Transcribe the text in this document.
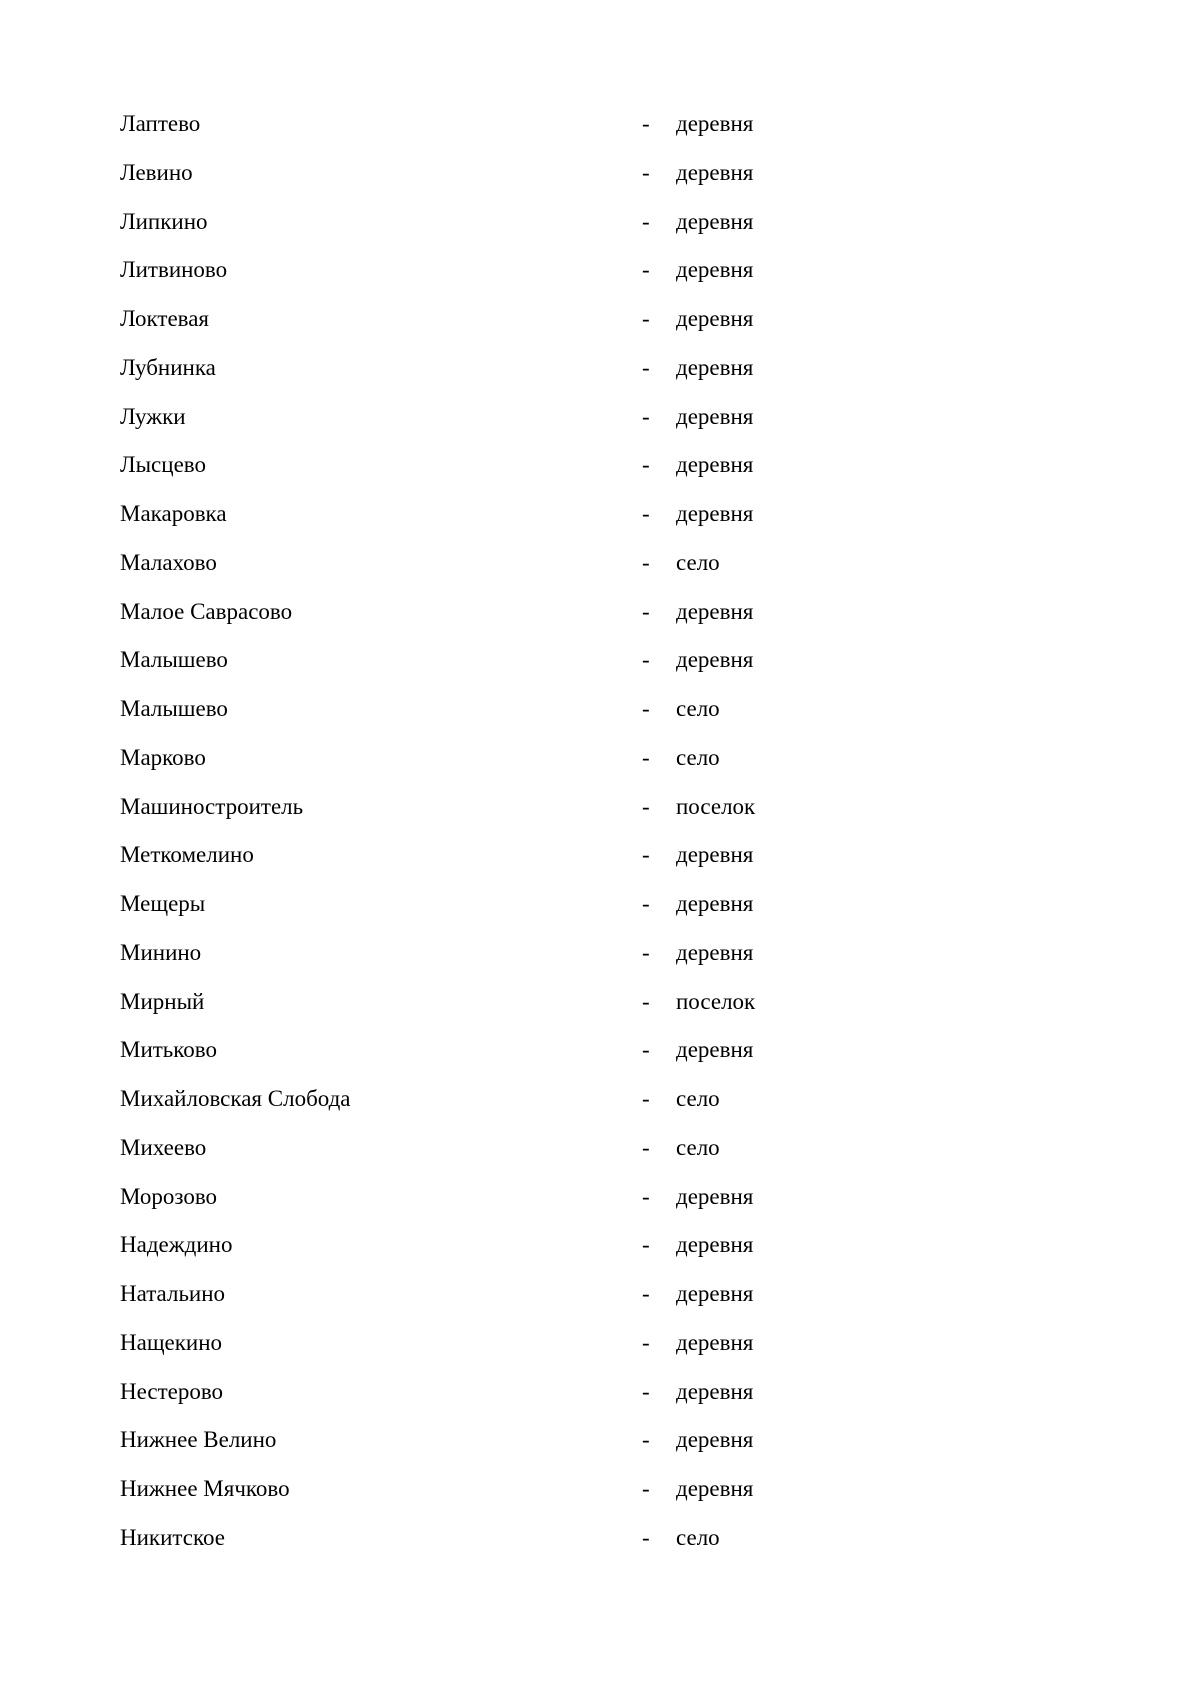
Лаптево	- деревня
Левино	- деревня
Липкино	- деревня
Литвиново	- деревня
Локтевая	- деревня
Лубнинка	- деревня
Лужки	- деревня
Лысцево	- деревня
Макаровка	- деревня
Малахово	- село
Малое Саврасово	- деревня
Малышево	- деревня
Малышево	- село
Марково	- село
Машиностроитель	- поселок
Меткомелино	- деревня
Мещеры	- деревня
Минино	- деревня
Мирный	- поселок
Митьково	- деревня
Михайловская Слобода	- село
Михеево	- село
Морозово	- деревня
Надеждино	- деревня
Натальино	- деревня
Нащекино	- деревня
Нестерово	- деревня
Нижнее Велино	- деревня
Нижнее Мячково	- деревня
Никитское	- село
